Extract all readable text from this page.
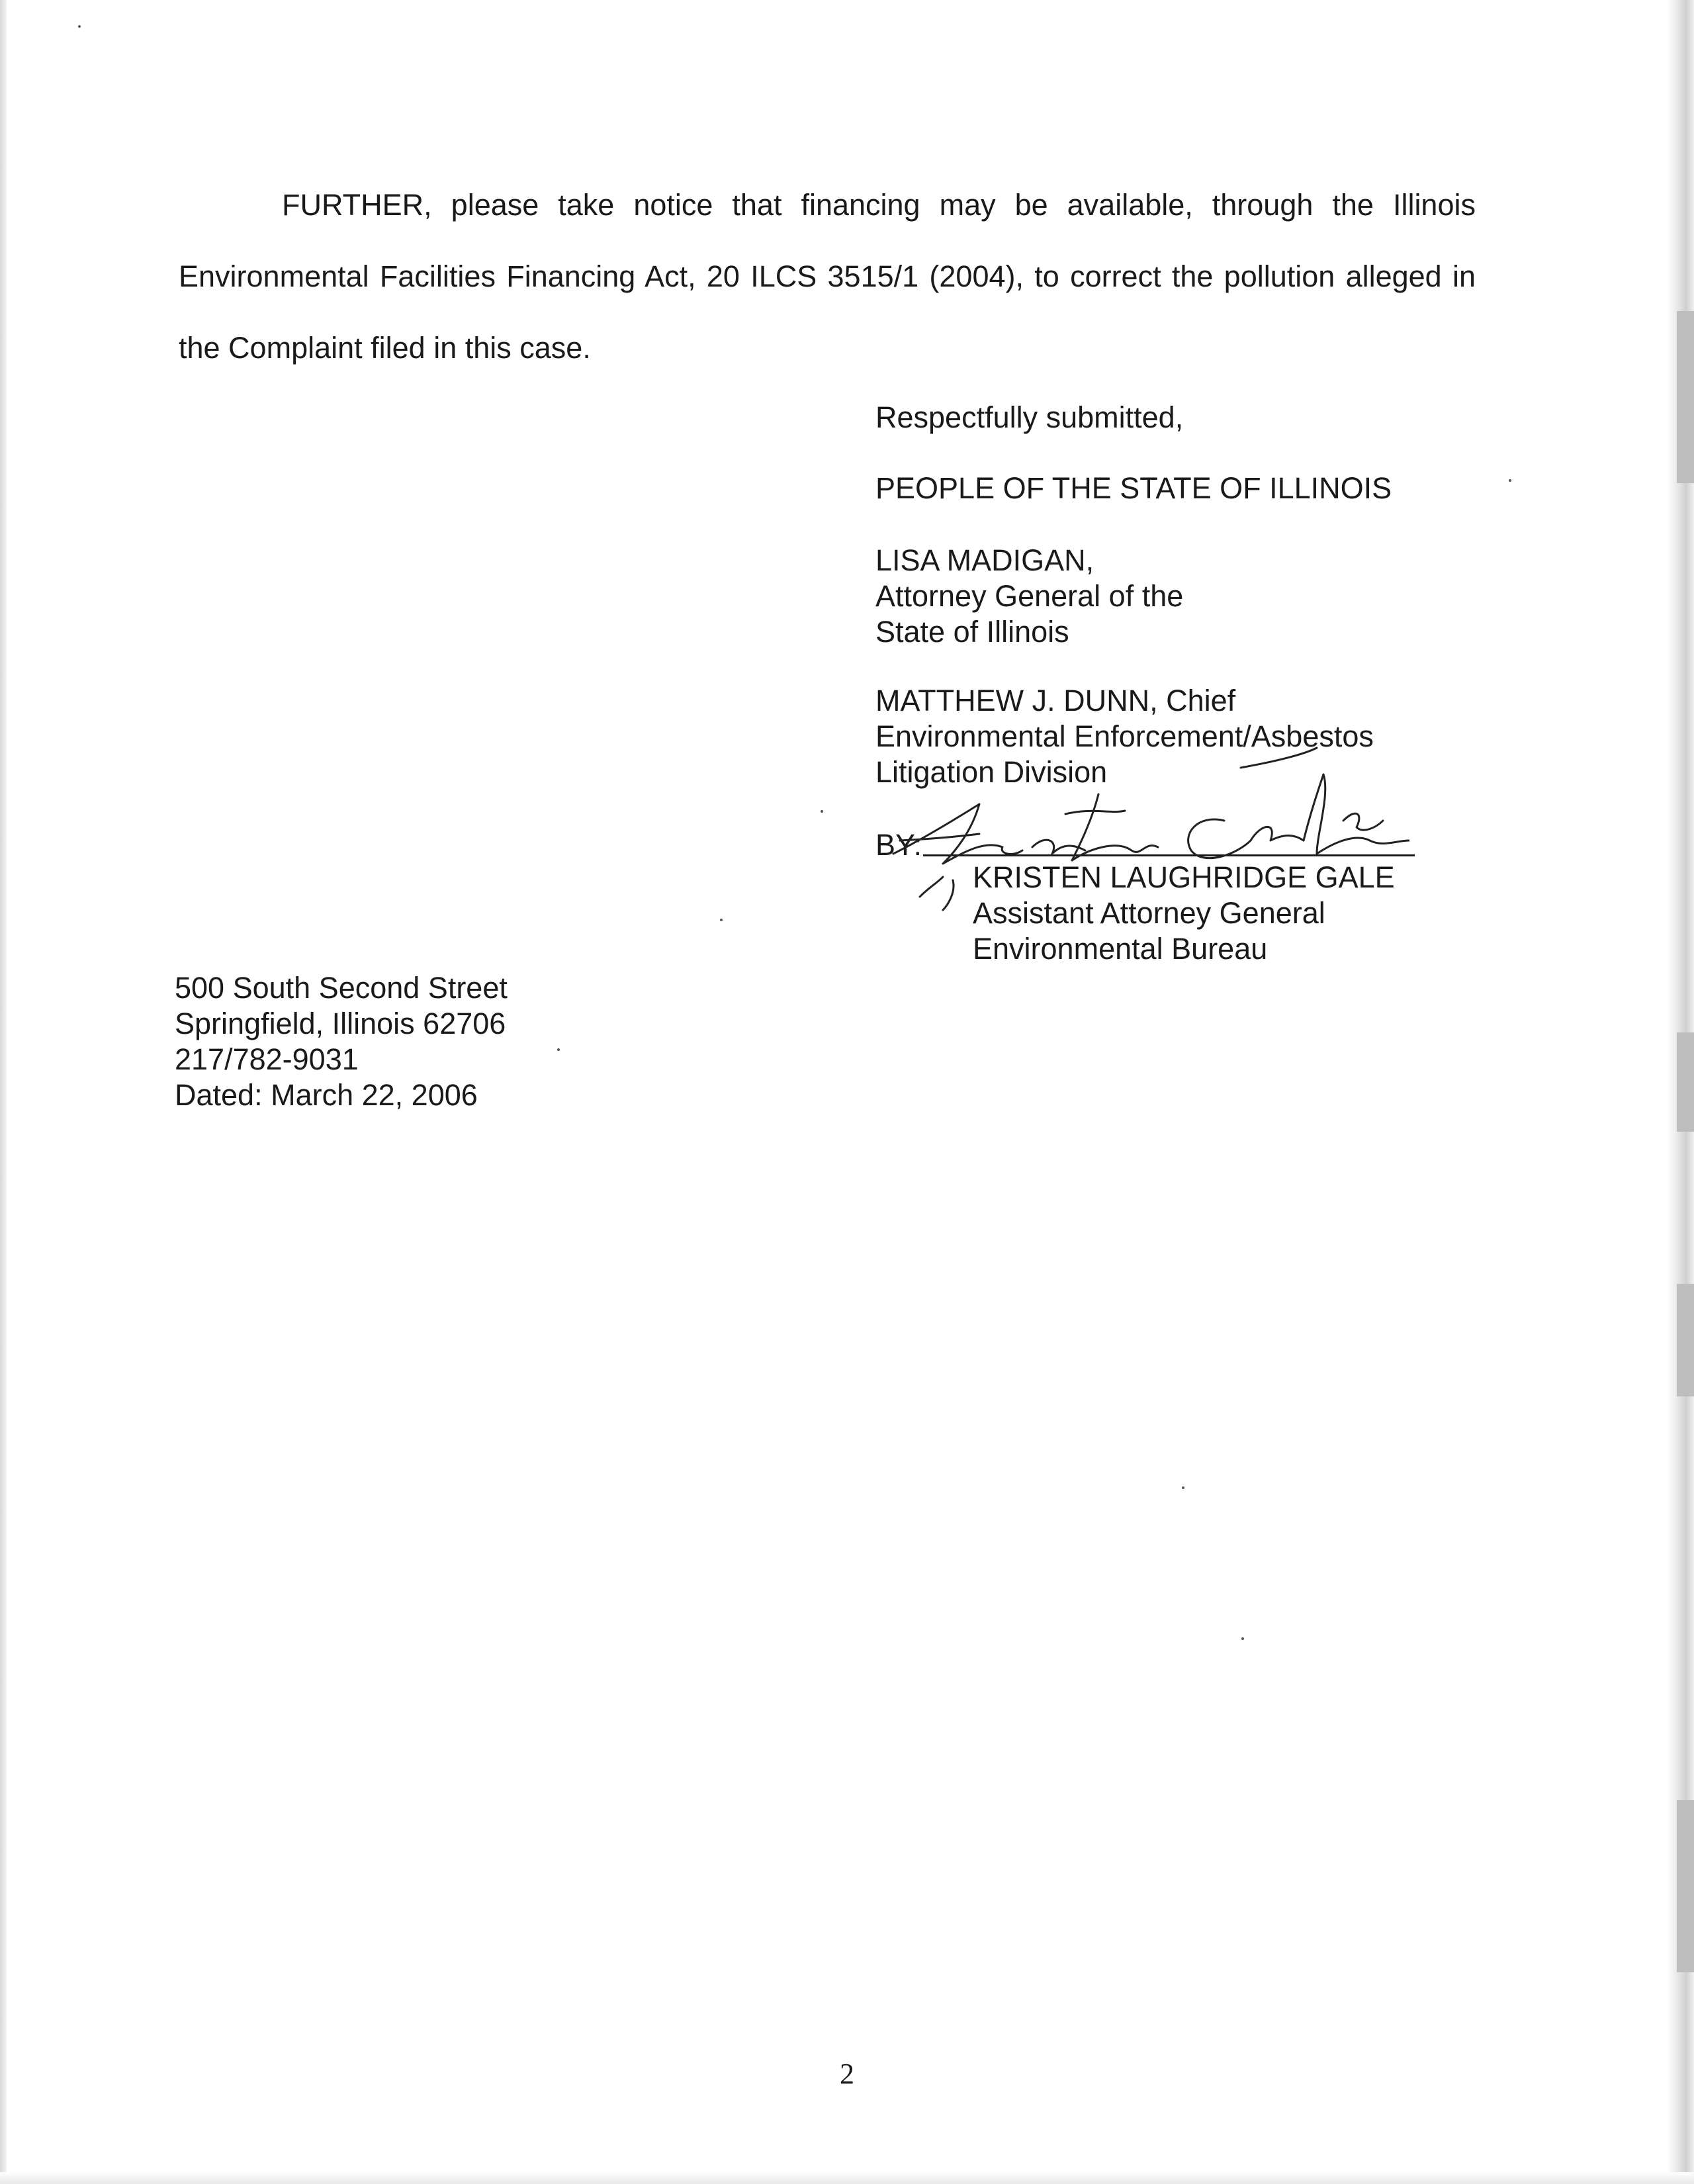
FURTHER, please take notice that financing may be available, through the Illinois Environmental Facilities Financing Act, 20 ILCS 3515/1 (2004), to correct the pollution alleged in the Complaint filed in this case.
Respectfully submitted,
PEOPLE OF THE STATE OF ILLINOIS
LISA MADIGAN,
Attorney General of the
State of Illinois
MATTHEW J. DUNN, Chief
Environmental Enforcement/Asbestos
Litigation Division
BY:
KRISTEN LAUGHRIDGE GALE
Assistant Attorney General
Environmental Bureau
500 South Second Street
Springfield, Illinois 62706
217/782-9031
Dated: March 22, 2006
2
